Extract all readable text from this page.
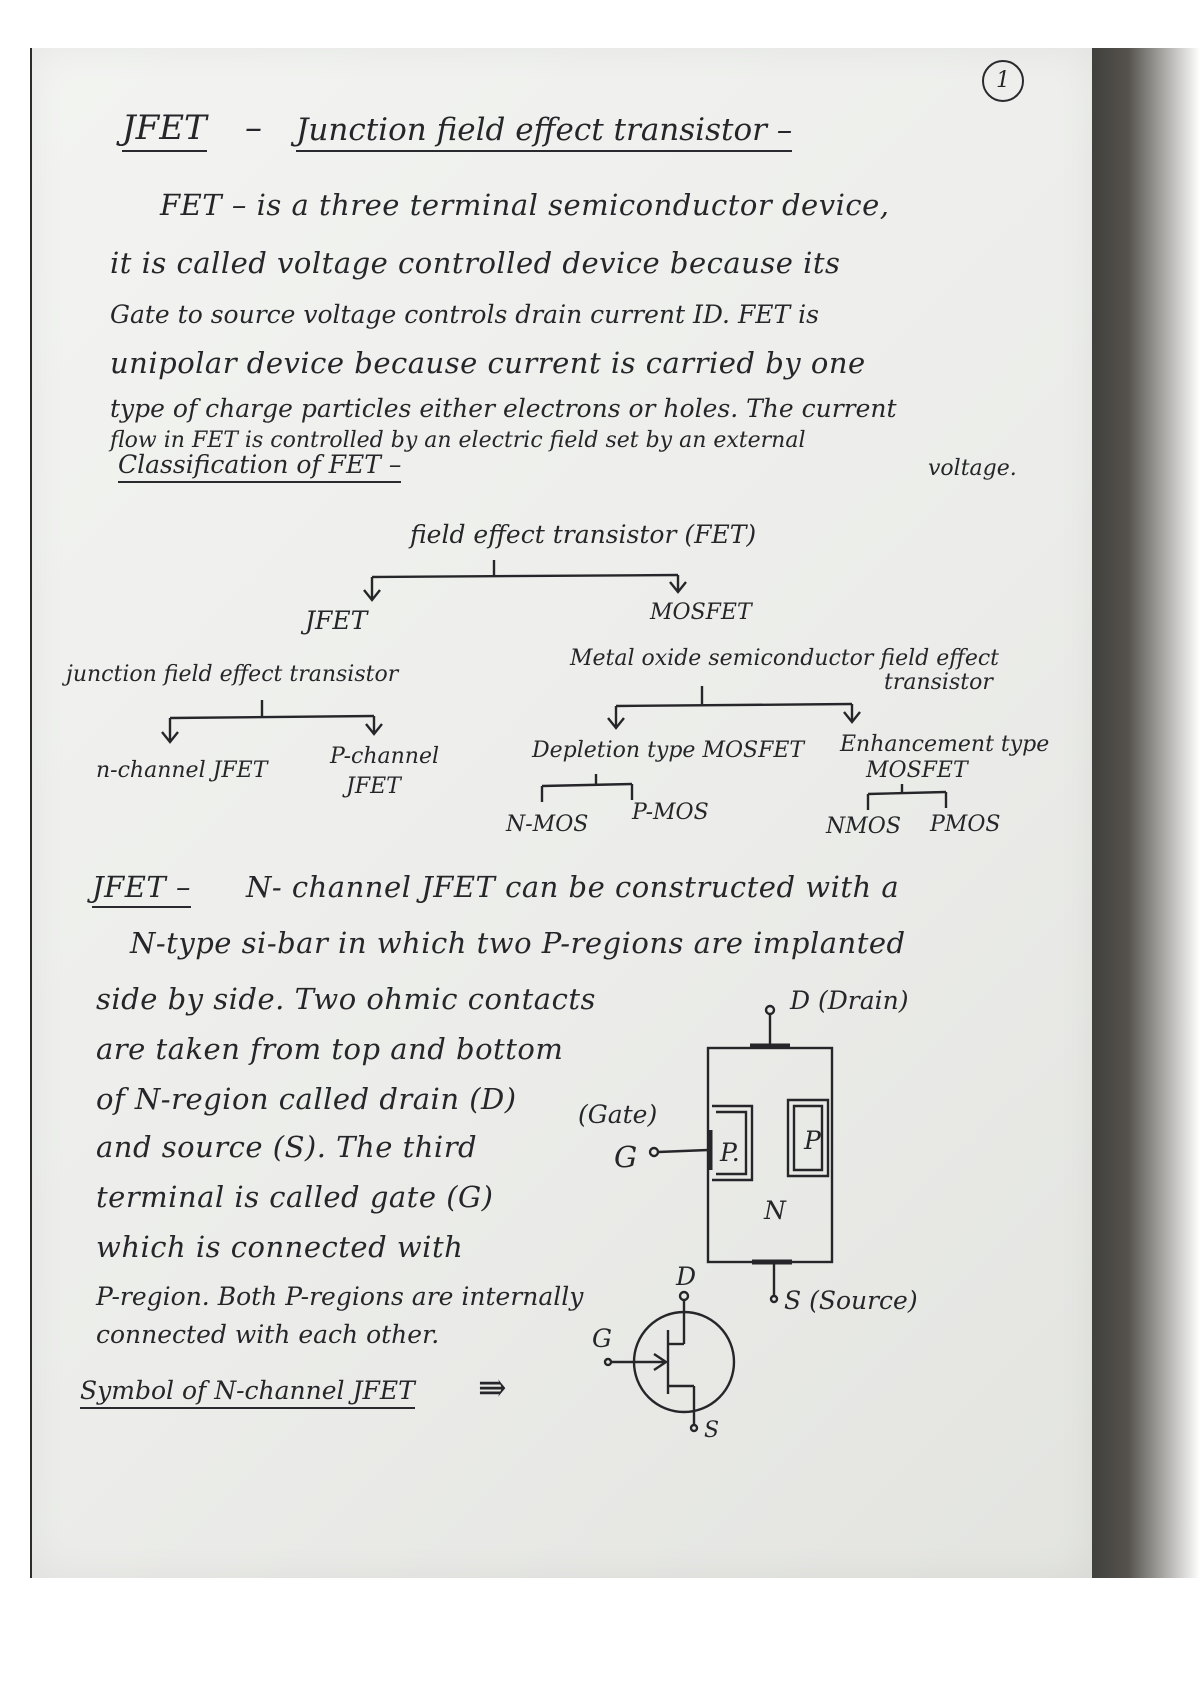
1
JFET – Junction field effect transistor –
FET – is a three terminal semiconductor device,
it is called voltage controlled device because its
Gate to source voltage controls drain current ID. FET is
unipolar device because current is carried by one
type of charge particles either electrons or holes. The current
flow in FET is controlled by an electric field set by an external
voltage.
Classification of FET –
field effect transistor (FET)
JFET	MOSFET
junction field effect transistor
Metal oxide semiconductor field effect
transistor
n-channel JFET
P-channel
JFET
Depletion type MOSFET
N-MOS P-MOS
Enhancement type
MOSFET
NMOS PMOS
JFET – N- channel JFET can be constructed with a
N-type si-bar in which two P-regions are implanted
side by side. Two ohmic contacts
are taken from top and bottom
of N-region called drain (D)
and source (S). The third
terminal is called gate (G)
which is connected with
P-region. Both P-regions are internally
connected with each other.
Symbol of N-channel JFET ⇛
D (Drain)
(Gate)
G	P.	P
N
S (Source)
D
G
S
